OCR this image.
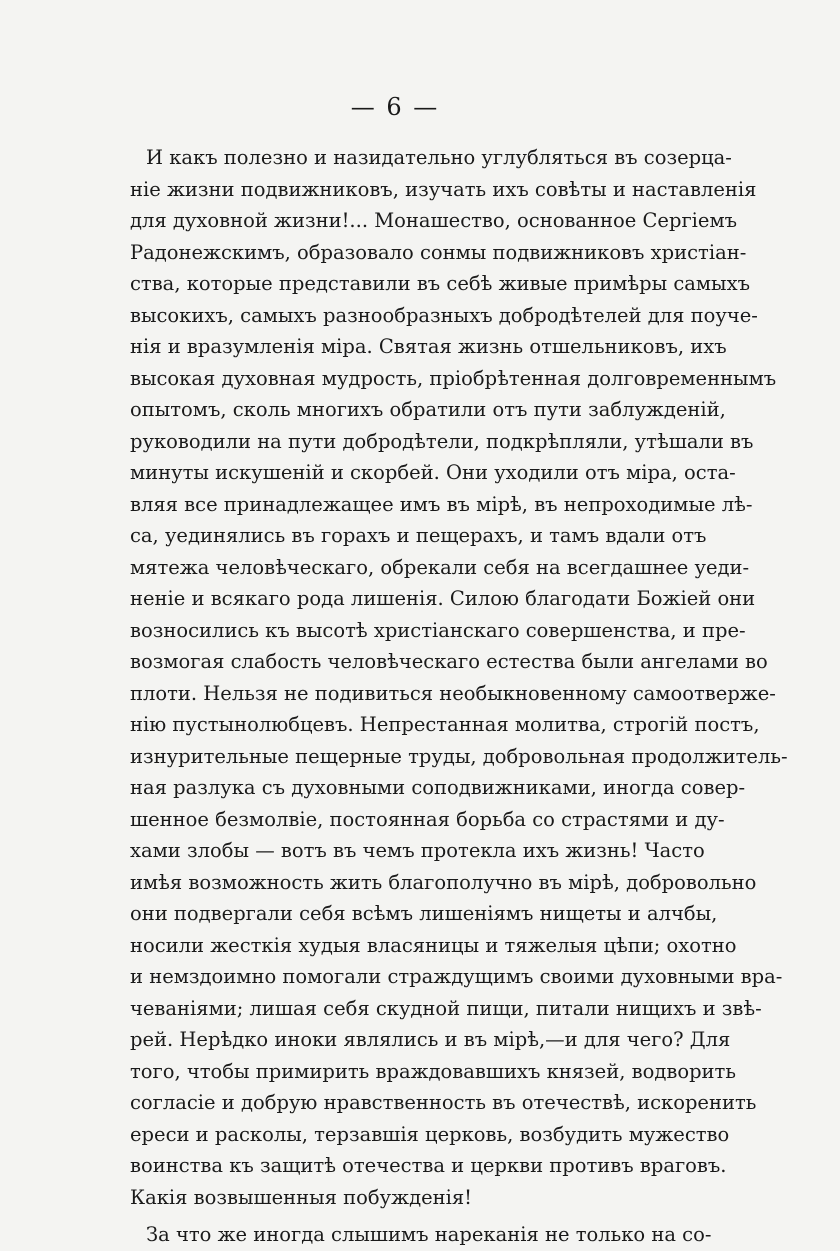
— 6 —
И какъ полезно и назидательно углубляться въ созерца-
ніе жизни подвижниковъ, изучать ихъ совѣты и наставленія
для духовной жизни!... Монашество, основанное Сергіемъ
Радонежскимъ, образовало сонмы подвижниковъ христіан-
ства, которые представили въ себѣ живые примѣры самыхъ
высокихъ, самыхъ разнообразныхъ добродѣтелей для поуче-
нія и вразумленія міра. Святая жизнь отшельниковъ, ихъ
высокая духовная мудрость, пріобрѣтенная долговременнымъ
опытомъ, сколь многихъ обратили отъ пути заблужденій,
руководили на пути добродѣтели, подкрѣпляли, утѣшали въ
минуты искушеній и скорбей. Они уходили отъ міра, оста-
вляя все принадлежащее имъ въ мірѣ, въ непроходимые лѣ-
са, уединялись въ горахъ и пещерахъ, и тамъ вдали отъ
мятежа человѣческаго, обрекали себя на всегдашнее уеди-
неніе и всякаго рода лишенія. Силою благодати Божіей они
возносились къ высотѣ христіанскаго совершенства, и пре-
возмогая слабость человѣческаго естества были ангелами во
плоти. Нельзя не подивиться необыкновенному самоотверже-
нію пустынолюбцевъ. Непрестанная молитва, строгій постъ,
изнурительные пещерные труды, добровольная продолжитель-
ная разлука съ духовными соподвижниками, иногда совер-
шенное безмолвіе, постоянная борьба со страстями и ду-
хами злобы — вотъ въ чемъ протекла ихъ жизнь! Часто
имѣя возможность жить благополучно въ мірѣ, добровольно
они подвергали себя всѣмъ лишеніямъ нищеты и алчбы,
носили жесткія худыя власяницы и тяжелыя цѣпи; охотно
и немздоимно помогали страждущимъ своими духовными вра-
чеваніями; лишая себя скудной пищи, питали нищихъ и звѣ-
рей. Нерѣдко иноки являлись и въ мірѣ,—и для чего? Для
того, чтобы примирить враждовавшихъ князей, водворить
согласіе и добрую нравственность въ отечествѣ, искоренить
ереси и расколы, терзавшія церковь, возбудить мужество
воинства къ защитѣ отечества и церкви противъ враговъ.
Какія возвышенныя побужденія!
За что же иногда слышимъ нареканія не только на со-
